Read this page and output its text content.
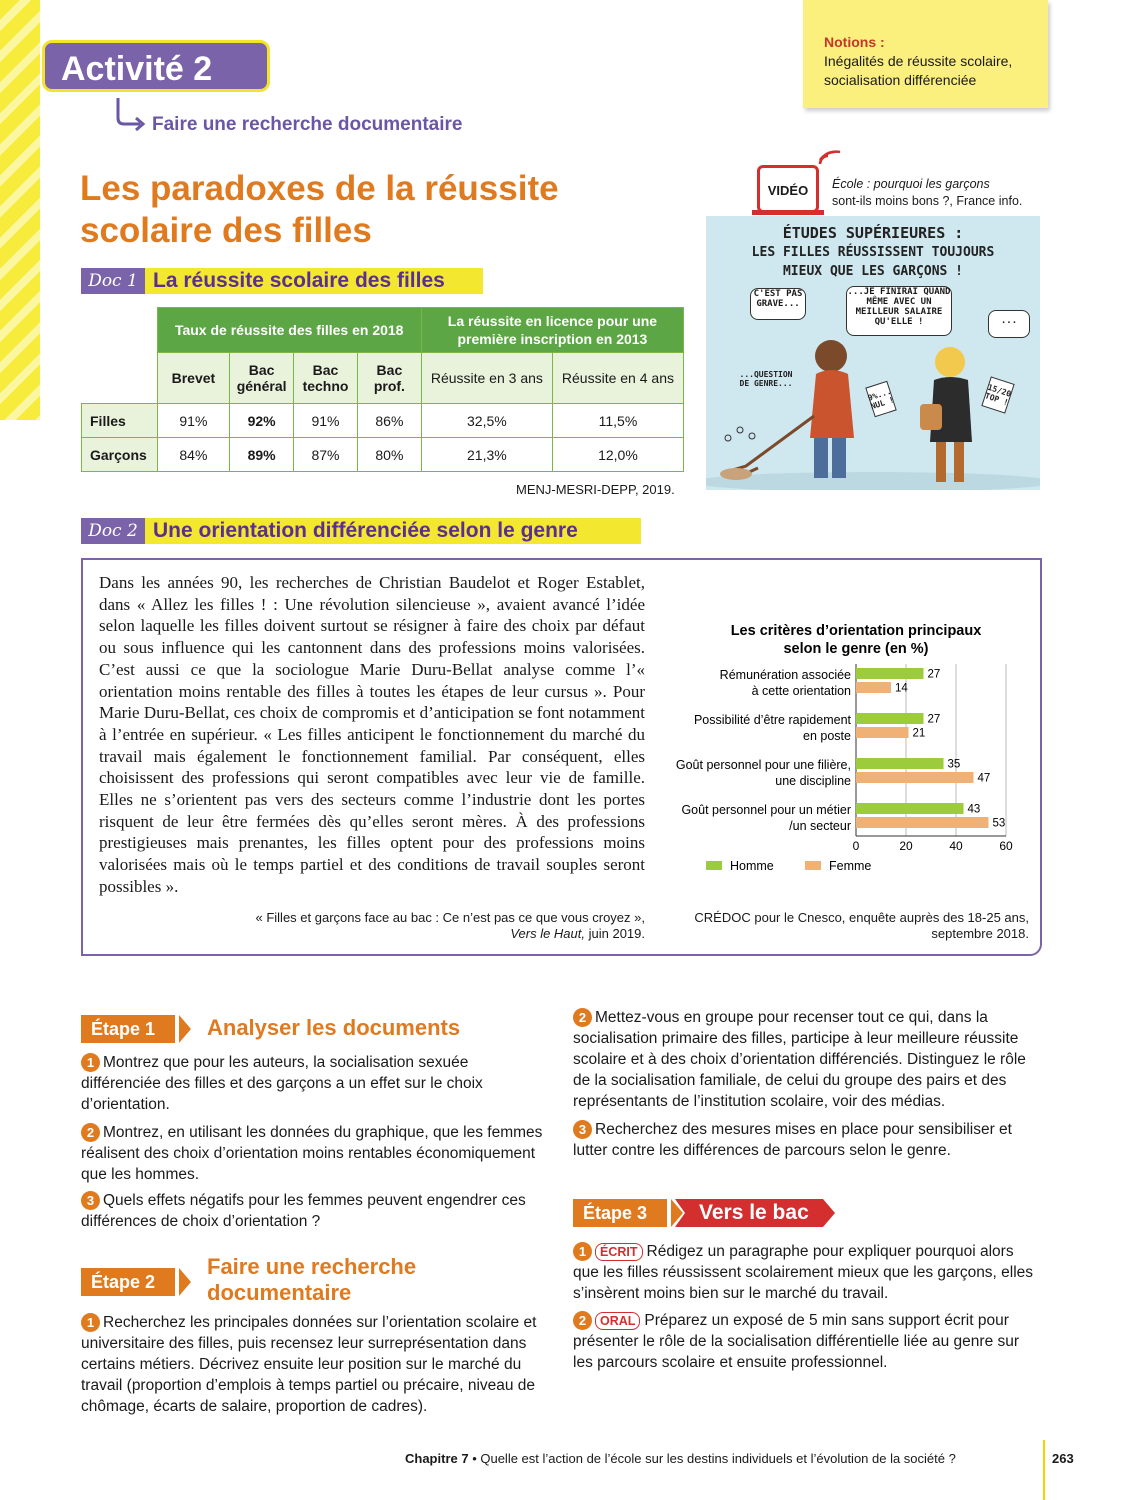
Activité 2
Faire une recherche documentaire
Notions :
Inégalités de réussite scolaire, socialisation différenciée
Les paradoxes de la réussite
scolaire des filles
Doc 1 La réussite scolaire des filles
	Taux de réussite des filles en 2018				La réussite en licence pour une première inscription en 2013	
	Brevet	Bac général	Bac techno	Bac prof.	Réussite en 3 ans	Réussite en 4 ans
Filles	91%	92%	91%	86%	32,5%	11,5%
Garçons	84%	89%	87%	80%	21,3%	12,0%
MENJ-MESRI-DEPP, 2019.
VIDÉO	École : pourquoi les garçons
sont-ils moins bons ?, France info.
ÉTUDES SUPÉRIEURES :
LES FILLES RÉUSSISSENT TOUJOURS
MIEUX QUE LES GARÇONS !
C'EST PAS GRAVE...
...JE FINIRAI QUAND MÊME AVEC UN MEILLEUR SALAIRE QU'ELLE !	...
...QUESTION DE GENRE...
9%... NUL !
15/20 TOP !
Doc 2 Une orientation différenciée selon le genre
Dans les années 90, les recherches de Christian Baudelot et Roger Establet, dans « Allez les filles ! : Une révolution silencieuse », avaient avancé l’idée selon laquelle les filles doivent surtout se résigner à faire des choix par défaut ou sous influence qui les cantonnent dans des professions moins valorisées. C’est aussi ce que la sociologue Marie Duru-Bellat analyse comme l’« orientation moins rentable des filles à toutes les étapes de leur cursus ». Pour Marie Duru-Bellat, ces choix de compromis et d’anticipation se font notamment à l’entrée en supérieur. « Les filles anticipent le fonctionnement du marché du travail mais également le fonctionnement familial. Par conséquent, elles choisissent des professions qui seront compatibles avec leur vie de famille. Elles ne s’orientent pas vers des secteurs comme l’industrie dont les portes risquent de leur être fermées dès qu’elles seront mères. À des professions prestigieuses mais prenantes, les filles optent pour des professions moins valorisées mais où le temps partiel et des conditions de travail souples seront possibles ».
« Filles et garçons face au bac : Ce n’est pas ce que vous croyez »,
Vers le Haut, juin 2019.
Les critères d’orientation principaux
selon le genre (en %)
0	20	40	60
Rémunération associée
à cette orientation
27
14
Possibilité d’être rapidement
en poste
27
21
Goût personnel pour une filière,
une discipline
35
47
Goût personnel pour un métier
/un secteur
43
53
Homme	Femme
CRÉDOC pour le Cnesco, enquête auprès des 18-25 ans,
septembre 2018.
Étape 1	Analyser les documents
1 Montrez que pour les auteurs, la socialisation sexuée différenciée des filles et des garçons a un effet sur le choix d’orientation.
2 Montrez, en utilisant les données du graphique, que les femmes réalisent des choix d’orientation moins rentables économiquement que les hommes.
3 Quels effets négatifs pour les femmes peuvent engendrer ces différences de choix d’orientation ?
Étape 2
Faire une recherche
documentaire
1 Recherchez les principales données sur l’orientation scolaire et universitaire des filles, puis recensez leur surreprésentation dans certains métiers. Décrivez ensuite leur position sur le marché du travail (proportion d’emplois à temps partiel ou précaire, niveau de chômage, écarts de salaire, proportion de cadres).
2 Mettez-vous en groupe pour recenser tout ce qui, dans la socialisation primaire des filles, participe à leur meilleure réussite scolaire et à des choix d’orientation différenciés. Distinguez le rôle de la socialisation familiale, de celui du groupe des pairs et des représentants de l’institution scolaire, voir des médias.
3 Recherchez des mesures mises en place pour sensibiliser et lutter contre les différences de parcours selon le genre.
Étape 3	Vers le bac
1 ÉCRIT Rédigez un paragraphe pour expliquer pourquoi alors que les filles réussissent scolairement mieux que les garçons, elles s’insèrent moins bien sur le marché du travail.
2 ORAL Préparez un exposé de 5 min sans support écrit pour présenter le rôle de la socialisation différentielle liée au genre sur les parcours scolaire et ensuite professionnel.
Chapitre 7 • Quelle est l’action de l’école sur les destins individuels et l’évolution de la société ?	263
